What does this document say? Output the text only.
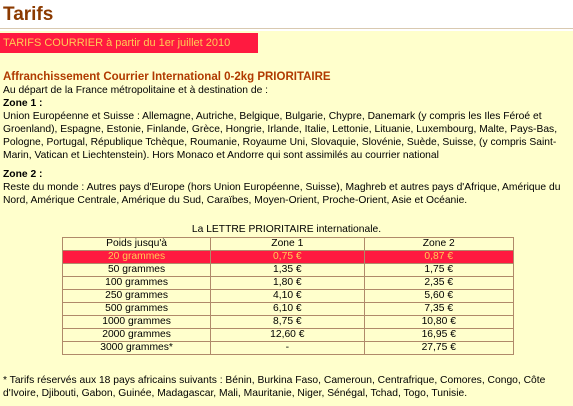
Tarifs
TARIFS COURRIER à partir du 1er juillet 2010
Affranchissement Courrier International 0-2kg PRIORITAIRE
Au départ de la France métropolitaine et à destination de :
Zone 1 :
Union Européenne et Suisse : Allemagne, Autriche, Belgique, Bulgarie, Chypre, Danemark (y compris les Iles Féroé et Groenland), Espagne, Estonie, Finlande, Grèce, Hongrie, Irlande, Italie, Lettonie, Lituanie, Luxembourg, Malte, Pays-Bas, Pologne, Portugal, République Tchèque, Roumanie, Royaume Uni, Slovaquie, Slovénie, Suède, Suisse, (y compris Saint-Marin, Vatican et Liechtenstein). Hors Monaco et Andorre qui sont assimilés au courrier national
Zone 2 :
Reste du monde : Autres pays d'Europe (hors Union Européenne, Suisse), Maghreb et autres pays d'Afrique, Amérique du Nord, Amérique Centrale, Amérique du Sud, Caraïbes, Moyen-Orient, Proche-Orient, Asie et Océanie.
La LETTRE PRIORITAIRE internationale.
Poids jusqu'à	Zone 1	Zone 2
20 grammes	0,75 €	0,87 €
50 grammes	1,35 €	1,75 €
100 grammes	1,80 €	2,35 €
250 grammes	4,10 €	5,60 €
500 grammes	6,10 €	7,35 €
1000 grammes	8,75 €	10,80 €
2000 grammes	12,60 €	16,95 €
3000 grammes*	-	27,75 €
* Tarifs réservés aux 18 pays africains suivants : Bénin, Burkina Faso, Cameroun, Centrafrique, Comores, Congo, Côte d'Ivoire, Djibouti, Gabon, Guinée, Madagascar, Mali, Mauritanie, Niger, Sénégal, Tchad, Togo, Tunisie.
